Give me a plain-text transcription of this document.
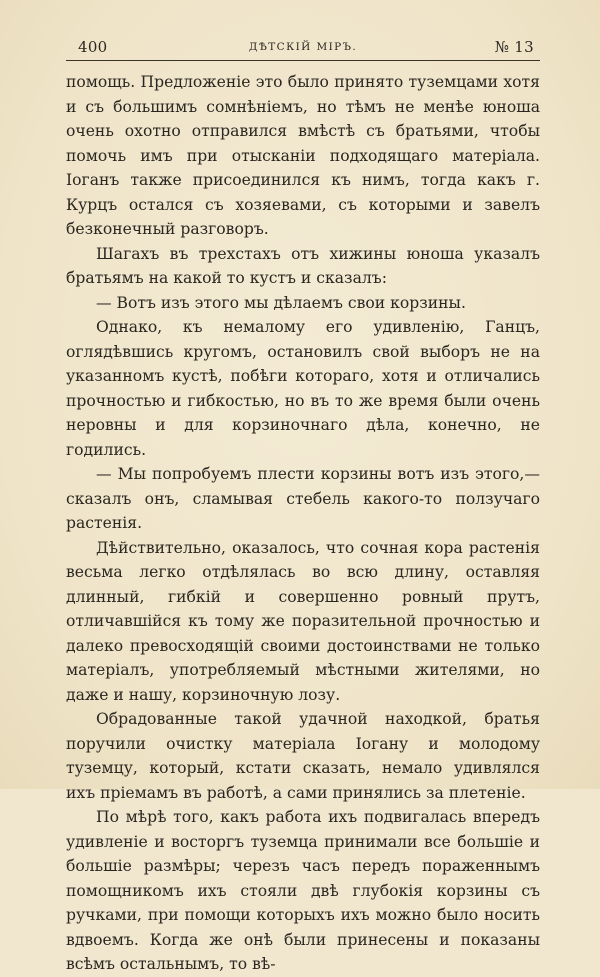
400	ДѢТСКІЙ МІРЪ.	№ 13

помощь. Предложеніе это было принято туземцами хотя и съ большимъ сомнѣніемъ, но тѣмъ не менѣе юноша очень охотно отправился вмѣстѣ съ братьями, чтобы помочь имъ при отысканіи подходящаго матеріала. Іоганъ также присоединился къ нимъ, тогда какъ г. Курцъ остался съ хозяевами, съ которыми и завелъ безконечный разговоръ.

Шагахъ въ трехстахъ отъ хижины юноша указалъ братьямъ на какой то кустъ и сказалъ:

— Вотъ изъ этого мы дѣлаемъ свои корзины.

Однако, къ немалому его удивленію, Ганцъ, оглядѣвшись кругомъ, остановилъ свой выборъ не на указанномъ кустѣ, побѣги котораго, хотя и отличались прочностью и гибкостью, но въ то же время были очень неровны и для корзиночнаго дѣла, конечно, не годились.

— Мы попробуемъ плести корзины вотъ изъ этого,— сказалъ онъ, сламывая стебель какого-то ползучаго растенія.

Дѣйствительно, оказалось, что сочная кора растенія весьма легко отдѣлялась во всю длину, оставляя длинный, гибкій и совершенно ровный прутъ, отличавшійся къ тому же поразительной прочностью и далеко превосходящій своими достоинствами не только матеріалъ, употребляемый мѣстными жителями, но даже и нашу, корзиночную лозу.

Обрадованные такой удачной находкой, братья поручили очистку матеріала Іогану и молодому туземцу, который, кстати сказать, немало удивлялся ихъ пріемамъ въ работѣ, а сами принялись за плетеніе.

По мѣрѣ того, какъ работа ихъ подвигалась впередъ удивленіе и восторгъ туземца принимали все большіе и большіе размѣры; черезъ часъ передъ пораженнымъ помощникомъ ихъ стояли двѣ глубокія корзины съ ручками, при помощи которыхъ ихъ можно было носить вдвоемъ. Когда же онѣ были принесены и показаны всѣмъ остальнымъ, то вѣ-
